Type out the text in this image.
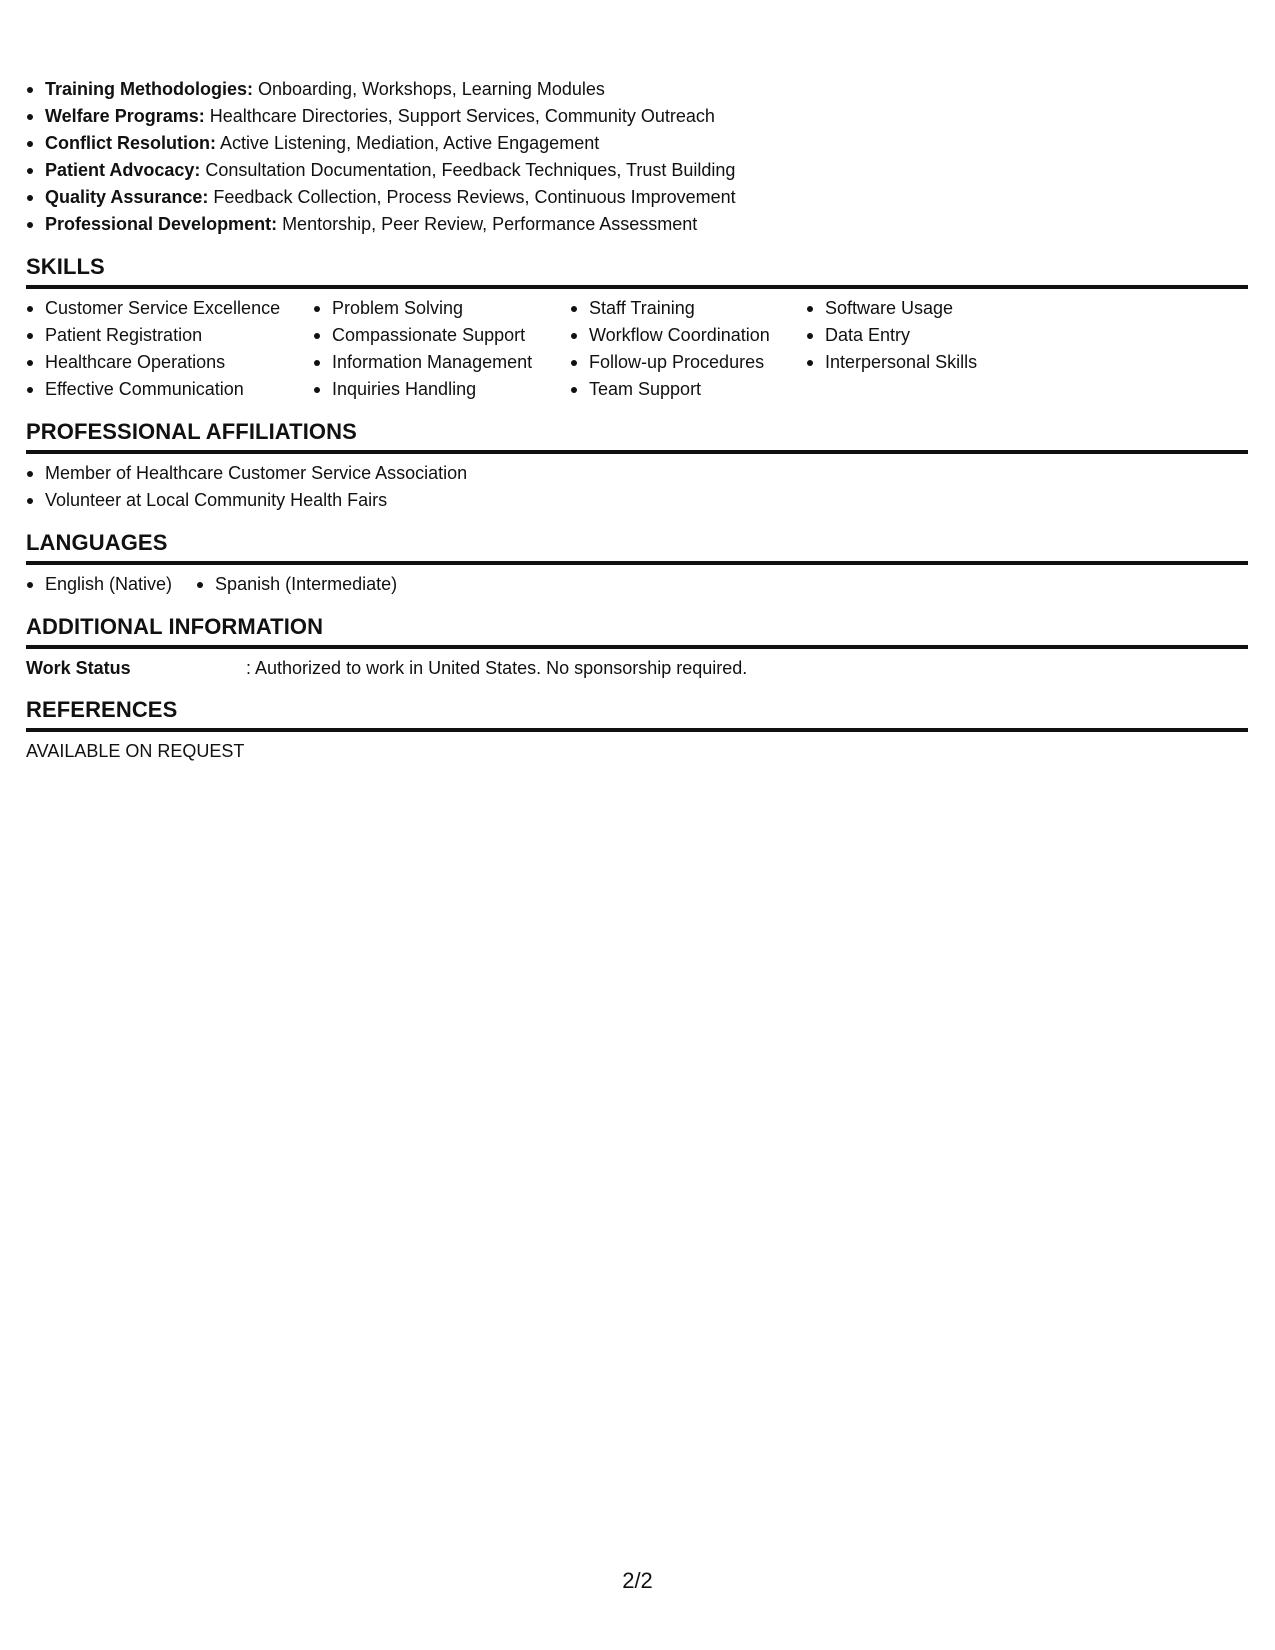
Training Methodologies: Onboarding, Workshops, Learning Modules
Welfare Programs: Healthcare Directories, Support Services, Community Outreach
Conflict Resolution: Active Listening, Mediation, Active Engagement
Patient Advocacy: Consultation Documentation, Feedback Techniques, Trust Building
Quality Assurance: Feedback Collection, Process Reviews, Continuous Improvement
Professional Development: Mentorship, Peer Review, Performance Assessment
SKILLS
Customer Service Excellence
Patient Registration
Healthcare Operations
Effective Communication
Problem Solving
Compassionate Support
Information Management
Inquiries Handling
Staff Training
Workflow Coordination
Follow-up Procedures
Team Support
Software Usage
Data Entry
Interpersonal Skills
PROFESSIONAL AFFILIATIONS
Member of Healthcare Customer Service Association
Volunteer at Local Community Health Fairs
LANGUAGES
English (Native)	Spanish (Intermediate)
ADDITIONAL INFORMATION
Work Status	: Authorized to work in United States. No sponsorship required.
REFERENCES
AVAILABLE ON REQUEST
2/2
